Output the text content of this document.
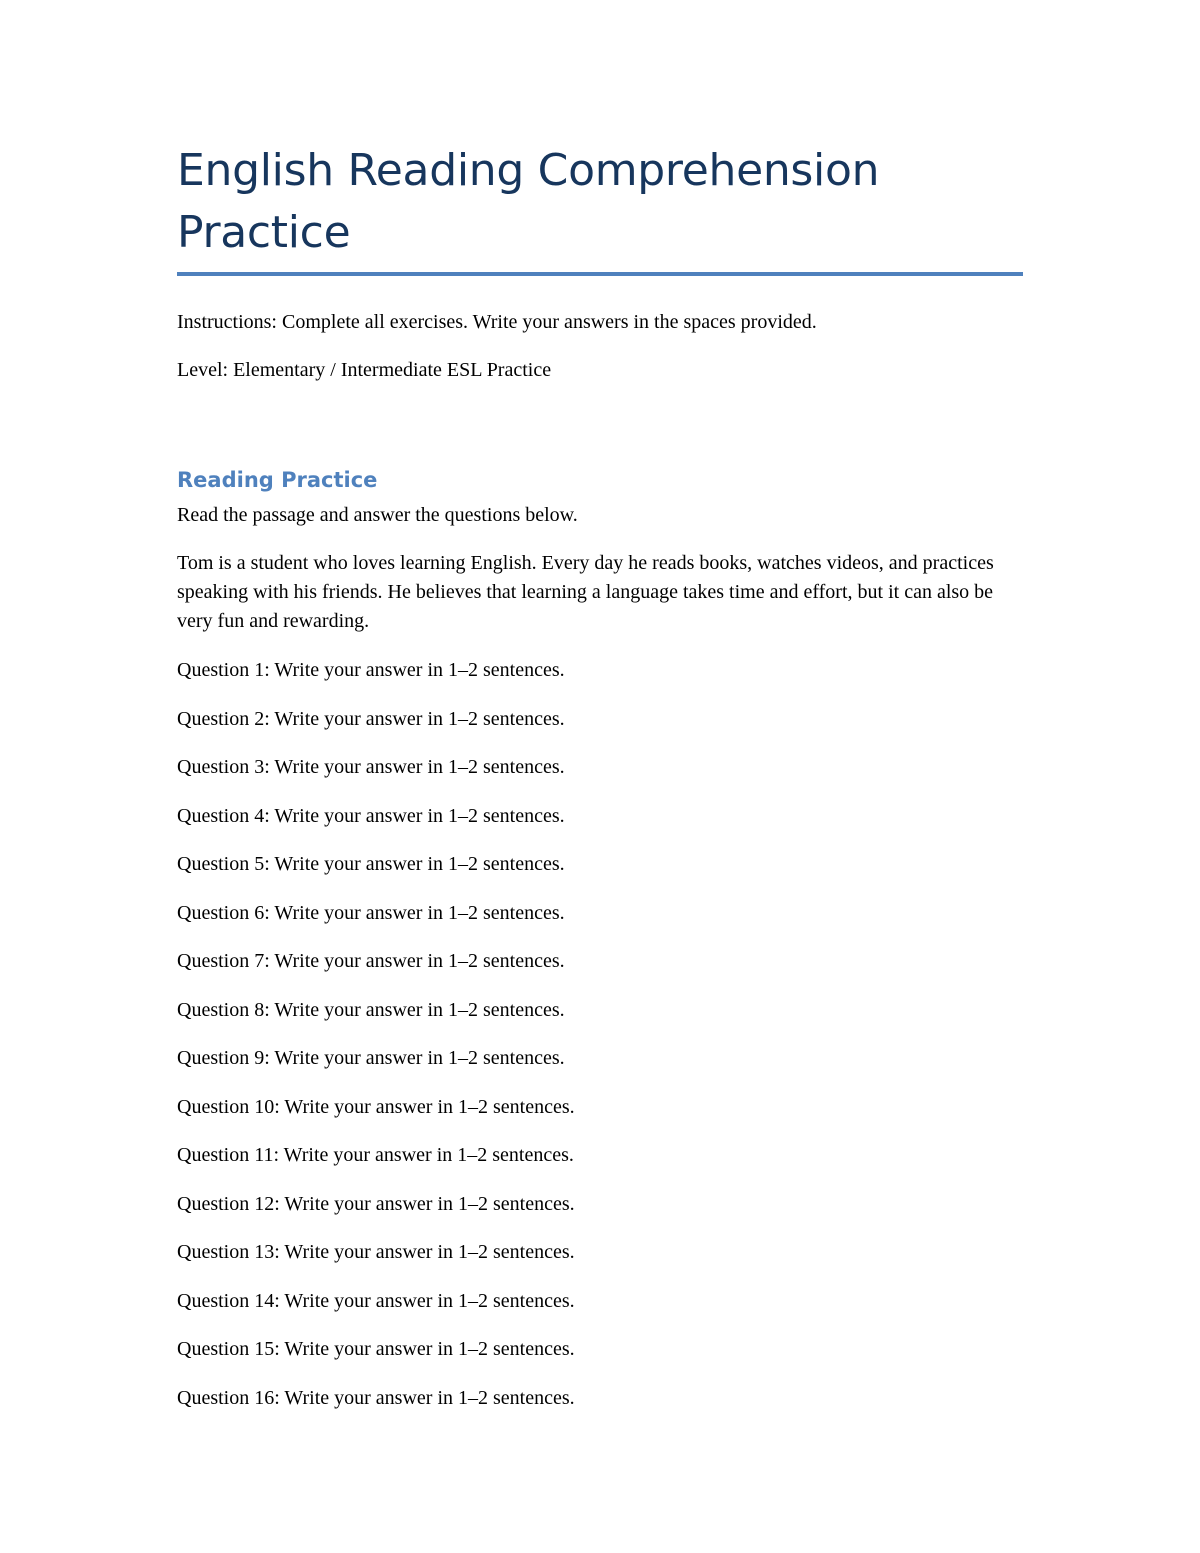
English Reading Comprehension Practice

Instructions: Complete all exercises. Write your answers in the spaces provided.

Level: Elementary / Intermediate ESL Practice

Reading Practice

Read the passage and answer the questions below.

Tom is a student who loves learning English. Every day he reads books, watches videos, and practices speaking with his friends. He believes that learning a language takes time and effort, but it can also be very fun and rewarding.

Question 1: Write your answer in 1–2 sentences.
Question 2: Write your answer in 1–2 sentences.
Question 3: Write your answer in 1–2 sentences.
Question 4: Write your answer in 1–2 sentences.
Question 5: Write your answer in 1–2 sentences.
Question 6: Write your answer in 1–2 sentences.
Question 7: Write your answer in 1–2 sentences.
Question 8: Write your answer in 1–2 sentences.
Question 9: Write your answer in 1–2 sentences.
Question 10: Write your answer in 1–2 sentences.
Question 11: Write your answer in 1–2 sentences.
Question 12: Write your answer in 1–2 sentences.
Question 13: Write your answer in 1–2 sentences.
Question 14: Write your answer in 1–2 sentences.
Question 15: Write your answer in 1–2 sentences.
Question 16: Write your answer in 1–2 sentences.
